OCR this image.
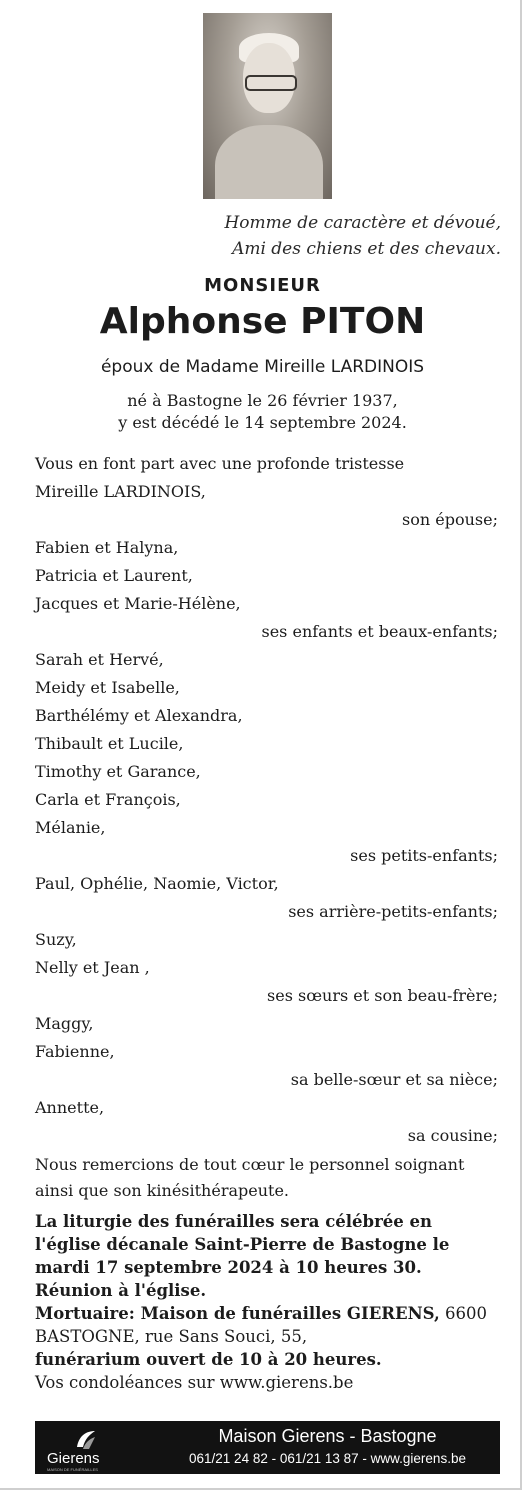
Homme de caractère et dévoué,
Ami des chiens et des chevaux.

MONSIEUR

Alphonse PITON

époux de Madame Mireille LARDINOIS

né à Bastogne le 26 février 1937,
y est décédé le 14 septembre 2024.

Vous en font part avec une profonde tristesse

Mireille LARDINOIS,

son épouse;

Fabien et Halyna,

Patricia et Laurent,

Jacques et Marie-Hélène,

ses enfants et beaux-enfants;

Sarah et Hervé,

Meidy et Isabelle,

Barthélémy et Alexandra,

Thibault et Lucile,

Timothy et Garance,

Carla et François,

Mélanie,

ses petits-enfants;

Paul, Ophélie, Naomie, Victor,

ses arrière-petits-enfants;

Suzy,

Nelly et Jean ,

ses sœurs et son beau-frère;

Maggy,

Fabienne,

sa belle-sœur et sa nièce;

Annette,

sa cousine;

Nous remercions de tout cœur le personnel soignant ainsi que son kinésithérapeute.

La liturgie des funérailles sera célébrée en l'église décanale Saint-Pierre de Bastogne le mardi 17 septembre 2024 à 10 heures 30.

Réunion à l'église.

Mortuaire: Maison de funérailles GIERENS, 6600 BASTOGNE, rue Sans Souci, 55,

funérarium ouvert de 10 à 20 heures.

Vos condoléances sur www.gierens.be

Gierens

MAISON DE FUNÉRAILLES

Maison Gierens - Bastogne

061/21 24 82 - 061/21 13 87 - www.gierens.be
